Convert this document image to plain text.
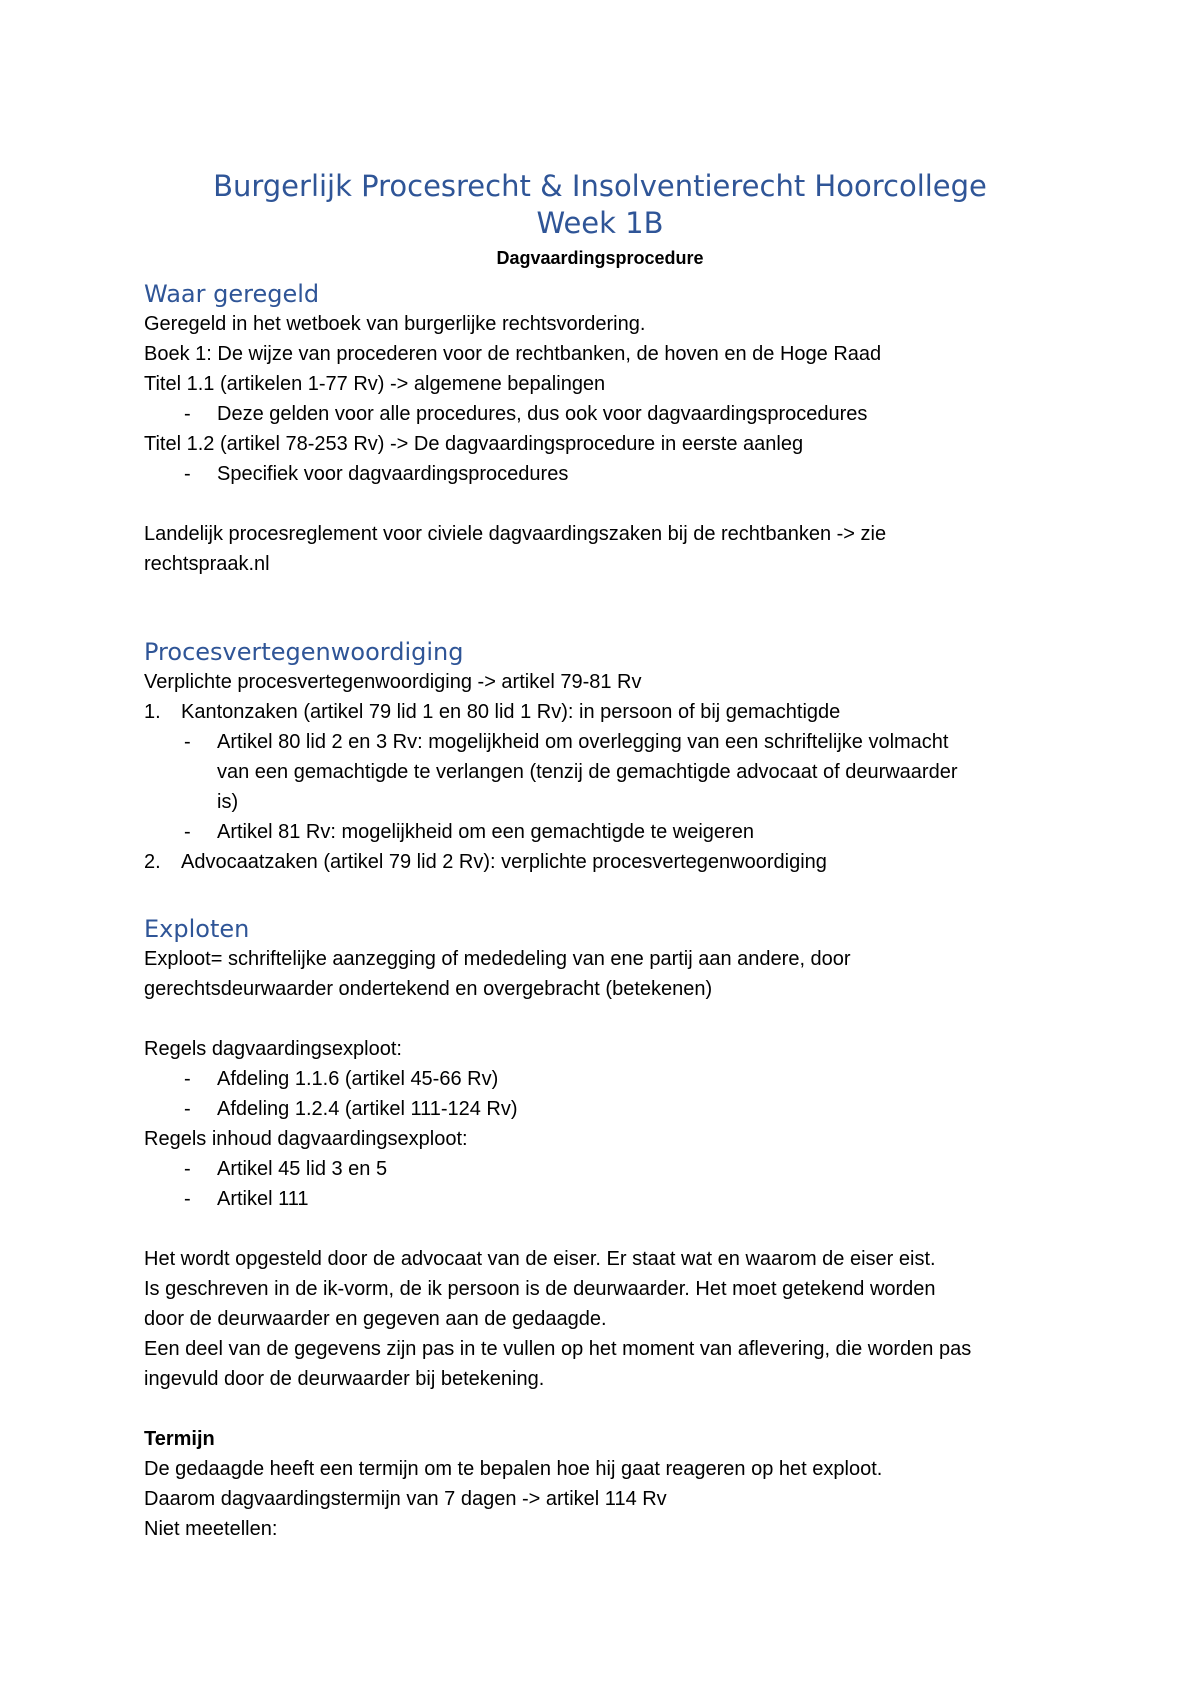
Burgerlijk Procesrecht & Insolventierecht Hoorcollege
Week 1B

Dagvaardingsprocedure

Waar geregeld

Geregeld in het wetboek van burgerlijke rechtsvordering.

Boek 1: De wijze van procederen voor de rechtbanken, de hoven en de Hoge Raad

Titel 1.1 (artikelen 1-77 Rv) -> algemene bepalingen

- Deze gelden voor alle procedures, dus ook voor dagvaardingsprocedures

Titel 1.2 (artikel 78-253 Rv) -> De dagvaardingsprocedure in eerste aanleg

- Specifiek voor dagvaardingsprocedures

Landelijk procesreglement voor civiele dagvaardingszaken bij de rechtbanken -> zie

rechtspraak.nl

Procesvertegenwoordiging

Verplichte procesvertegenwoordiging -> artikel 79-81 Rv

1. Kantonzaken (artikel 79 lid 1 en 80 lid 1 Rv): in persoon of bij gemachtigde

- Artikel 80 lid 2 en 3 Rv: mogelijkheid om overlegging van een schriftelijke volmacht

van een gemachtigde te verlangen (tenzij de gemachtigde advocaat of deurwaarder

is)

- Artikel 81 Rv: mogelijkheid om een gemachtigde te weigeren

2. Advocaatzaken (artikel 79 lid 2 Rv): verplichte procesvertegenwoordiging

Exploten

Exploot= schriftelijke aanzegging of mededeling van ene partij aan andere, door

gerechtsdeurwaarder ondertekend en overgebracht (betekenen)

Regels dagvaardingsexploot:

- Afdeling 1.1.6 (artikel 45-66 Rv)

- Afdeling 1.2.4 (artikel 111-124 Rv)

Regels inhoud dagvaardingsexploot:

- Artikel 45 lid 3 en 5

- Artikel 111

Het wordt opgesteld door de advocaat van de eiser. Er staat wat en waarom de eiser eist.

Is geschreven in de ik-vorm, de ik persoon is de deurwaarder. Het moet getekend worden

door de deurwaarder en gegeven aan de gedaagde.

Een deel van de gegevens zijn pas in te vullen op het moment van aflevering, die worden pas

ingevuld door de deurwaarder bij betekening.

Termijn

De gedaagde heeft een termijn om te bepalen hoe hij gaat reageren op het exploot.

Daarom dagvaardingstermijn van 7 dagen -> artikel 114 Rv

Niet meetellen:
